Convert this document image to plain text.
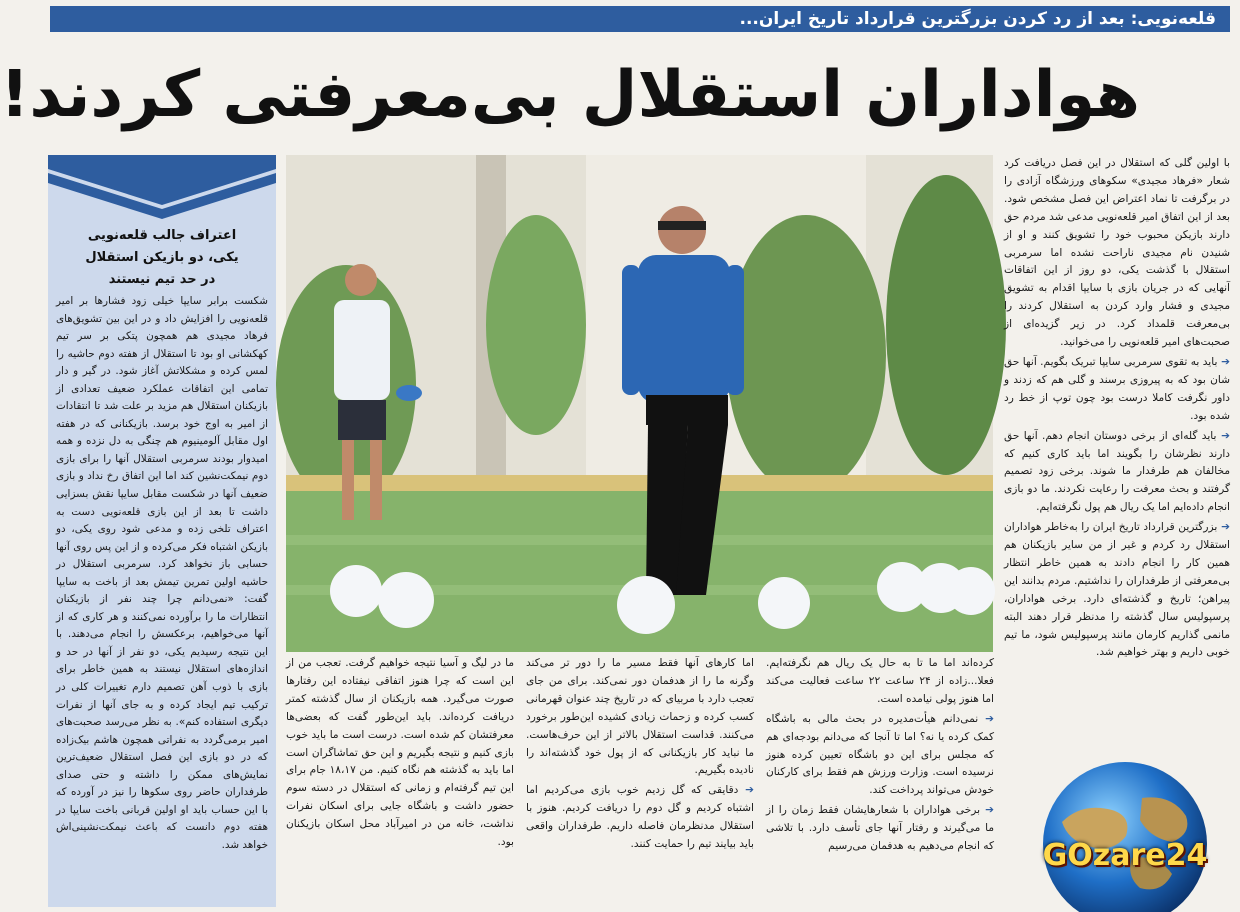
قلعه‌نویی: بعد از رد کردن بزرگترین قرارداد تاریخ ایران...
هواداران استقلال بی‌معرفتی کردند!
اعتراف جالب قلعه‌نویی
یکی، دو بازیکن استقلال
در حد تیم نیستند
شکست برابر سایپا خیلی زود فشارها بر امیر قلعه‌نویی را افزایش داد و در این بین تشویق‌های فرهاد مجیدی هم همچون پتکی بر سر تیم کهکشانی او بود تا استقلال از هفته دوم حاشیه را لمس کرده و مشکلاتش آغاز شود. در گیر و دار تمامی این اتفاقات عملکرد ضعیف تعدادی از بازیکنان استقلال هم مزید بر علت شد تا انتقادات از امیر به اوج خود برسد. بازیکنانی که در هفته اول مقابل آلومینیوم هم چنگی به دل نزده و همه امیدوار بودند سرمربی استقلال آنها را برای بازی دوم نیمکت‌نشین کند اما این اتفاق رخ نداد و بازی ضعیف آنها در شکست مقابل سایپا نقش بسزایی داشت تا بعد از این بازی قلعه‌نویی دست به اعتراف تلخی زده و مدعی شود روی یکی، دو بازیکن اشتباه فکر می‌کرده و از این پس روی آنها حسابی باز نخواهد کرد. سرمربی استقلال در حاشیه اولین تمرین تیمش بعد از باخت به سایپا گفت: «نمی‌دانم چرا چند نفر از بازیکنان انتظارات ما را برآورده نمی‌کنند و هر کاری که از آنها می‌خواهیم، برعکسش را انجام می‌دهند. با این نتیجه رسیدیم یکی، دو نفر از آنها در حد و اندازه‌های استقلال نیستند به همین خاطر برای بازی با ذوب آهن تصمیم دارم تغییرات کلی در ترکیب تیم ایجاد کرده و به جای آنها از نفرات دیگری استفاده کنم». به نظر می‌رسد صحبت‌های امیر برمی‌گردد به نفراتی همچون هاشم بیک‌زاده که در دو بازی این فصل استقلال ضعیف‌ترین نمایش‌های ممکن را داشته و حتی صدای طرفداران حاضر روی سکوها را نیز در آورده که با این حساب باید او اولین قربانی باخت سایپا در هفته دوم دانست که باعث نیمکت‌نشینی‌اش خواهد شد.

با اولین گلی که استقلال در این فصل دریافت کرد شعار «فرهاد مجیدی» سکوهای ورزشگاه آزادی را در برگرفت تا نماد اعتراض این فصل مشخص شود. بعد از این اتفاق امیر قلعه‌نویی مدعی شد مردم حق دارند بازیکن محبوب خود را تشویق کنند و او از شنیدن نام مجیدی ناراحت نشده اما سرمربی استقلال با گذشت یکی، دو روز از این اتفاقات آنهایی که در جریان بازی با سایپا اقدام به تشویق مجیدی و فشار وارد کردن به استقلال کردند را بی‌معرفت قلمداد کرد. در زیر گزیده‌ای از صحبت‌های امیر قلعه‌نویی را می‌خوانید.

➔ باید به تقوی سرمربی سایپا تبریک بگویم. آنها حق شان بود که به پیروزی برسند و گلی هم که زدند و داور نگرفت کاملا درست بود چون توپ از خط رد شده بود.

➔ باید گله‌ای از برخی دوستان انجام دهم. آنها حق دارند نظرشان را بگویند اما باید کاری کنیم که مخالفان هم طرفدار ما شوند. برخی زود تصمیم گرفتند و بحث معرفت را رعایت نکردند. ما دو بازی انجام داده‌ایم اما یک ریال هم پول نگرفته‌ایم.

➔ بزرگترین قرارداد تاریخ ایران را به‌خاطر هواداران استقلال رد کردم و غیر از من سایر بازیکنان هم همین کار را انجام دادند به همین خاطر انتظار بی‌معرفتی از طرفداران را نداشتیم. مردم بدانند این پیراهن؛ تاریخ و گذشته‌ای دارد. برخی هواداران، پرسپولیس سال گذشته را مدنظر قرار دهند البته مانمی گذاریم کارمان مانند پرسپولیس شود، ما تیم خوبی داریم و بهتر خواهیم شد.

کرده‌اند اما ما تا به حال یک ریال هم نگرفته‌ایم. فعلا...زاده از ۲۴ ساعت ۲۲ ساعت فعالیت می‌کند اما هنوز پولی نیامده است.

➔ نمی‌دانم هیأت‌مدیره در بحث مالی به باشگاه کمک کرده یا نه؟ اما تا آنجا که می‌دانم بودجه‌ای هم که مجلس برای این دو باشگاه تعیین کرده هنوز نرسیده است. وزارت ورزش هم فقط برای کارکنان خودش می‌تواند پرداخت کند.

➔ برخی هواداران با شعارهایشان فقط زمان را از ما می‌گیرند و رفتار آنها جای تأسف دارد. با تلاشی که انجام می‌دهیم به هدفمان می‌رسیم

اما کارهای آنها فقط مسیر ما را دور تر می‌کند وگرنه ما را از هدفمان دور نمی‌کند. برای من جای تعجب دارد با مربیای که در تاریخ چند عنوان قهرمانی کسب کرده و زحمات زیادی کشیده این‌طور برخورد می‌کنند. قداست استقلال بالاتر از این حرف‌هاست. ما نباید کار بازیکنانی که از پول خود گذشته‌اند را نادیده بگیریم.

➔ دقایقی که گل زدیم خوب بازی می‌کردیم اما اشتباه کردیم و گل دوم را دریافت کردیم. هنوز با استقلال مدنظرمان فاصله داریم. طرفداران واقعی باید بیایند تیم را حمایت کنند.

ما در لیگ و آسیا نتیجه خواهیم گرفت. تعجب من از این است که چرا هنوز اتفاقی نیفتاده این رفتارها صورت می‌گیرد. همه بازیکنان از سال گذشته کمتر دریافت کرده‌اند. باید این‌طور گفت که بعضی‌ها معرفتشان کم شده است. درست است ما باید خوب بازی کنیم و نتیجه بگیریم و این حق تماشاگران است اما باید به گذشته هم نگاه کنیم. من ۱۸،۱۷ جام برای این تیم گرفته‌ام و زمانی که استقلال در دسته سوم حضور داشت و باشگاه جایی برای اسکان نفرات نداشت، خانه من در امیرآباد محل اسکان بازیکنان بود.	GOzare24
